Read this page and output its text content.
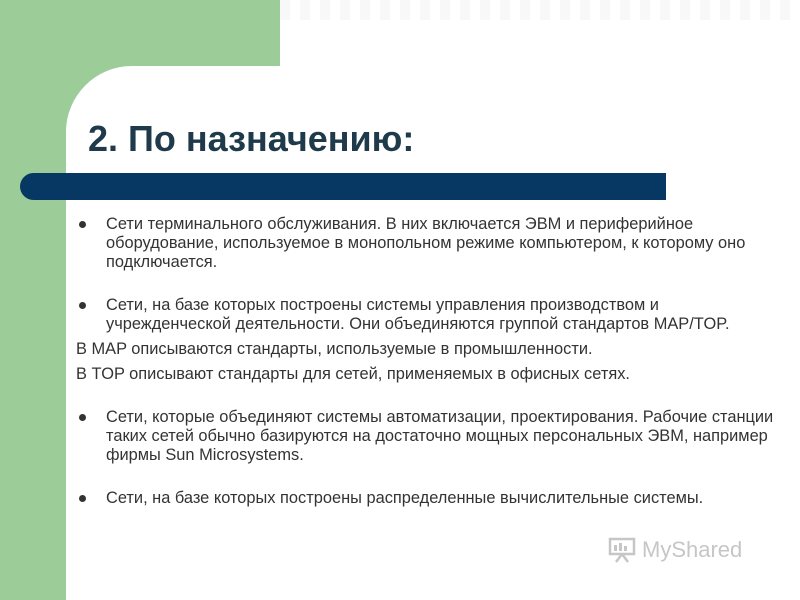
2. По назначению:
Сети терминального обслуживания. В них включается ЭВМ и периферийное оборудование, используемое в монопольном режиме компьютером, к которому оно подключается.
Сети, на базе которых построены системы управления производством и учрежденческой деятельности. Они объединяются группой стандартов MAP/TOP.
В MAP описываются стандарты, используемые в промышленности.
В TOP описывают стандарты для сетей, применяемых в офисных сетях.
Сети, которые объединяют системы автоматизации, проектирования. Рабочие станции таких сетей обычно базируются на достаточно мощных персональных ЭВМ, например фирмы Sun Microsystems.
Сети, на базе которых построены распределенные вычислительные системы.
MyShared
